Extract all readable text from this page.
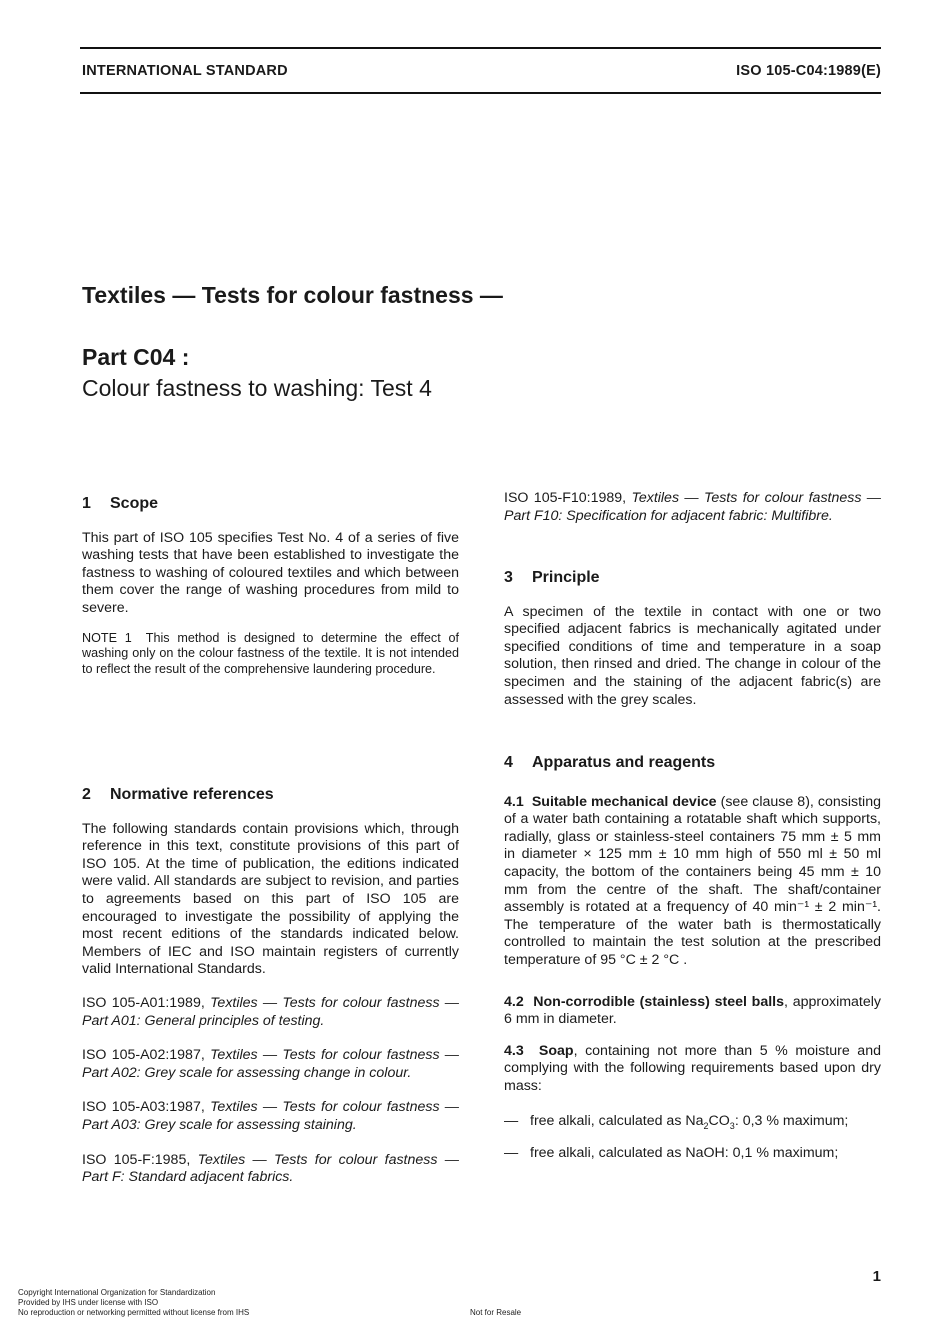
INTERNATIONAL STANDARD	ISO 105-C04:1989(E)
Textiles — Tests for colour fastness —
Part C04 :
Colour fastness to washing: Test 4
1 Scope

This part of ISO 105 specifies Test No. 4 of a series of five washing tests that have been established to investigate the fastness to washing of coloured textiles and which between them cover the range of washing procedures from mild to severe.

NOTE 1 This method is designed to determine the effect of washing only on the colour fastness of the textile. It is not intended to reflect the result of the comprehensive laundering procedure.
2 Normative references

The following standards contain provisions which, through reference in this text, constitute provisions of this part of ISO 105. At the time of publication, the editions indicated were valid. All standards are subject to revision, and parties to agreements based on this part of ISO 105 are encouraged to investigate the possibility of applying the most recent editions of the standards indicated below. Members of IEC and ISO maintain registers of currently valid International Standards.

ISO 105-A01:1989, Textiles — Tests for colour fastness — Part A01: General principles of testing.

ISO 105-A02:1987, Textiles — Tests for colour fastness — Part A02: Grey scale for assessing change in colour.

ISO 105-A03:1987, Textiles — Tests for colour fastness — Part A03: Grey scale for assessing staining.

ISO 105-F:1985, Textiles — Tests for colour fastness — Part F: Standard adjacent fabrics.

ISO 105-F10:1989, Textiles — Tests for colour fastness — Part F10: Specification for adjacent fabric: Multifibre.

3 Principle

A specimen of the textile in contact with one or two specified adjacent fabrics is mechanically agitated under specified conditions of time and temperature in a soap solution, then rinsed and dried. The change in colour of the specimen and the staining of the adjacent fabric(s) are assessed with the grey scales.

4 Apparatus and reagents

4.1 Suitable mechanical device (see clause 8), consisting of a water bath containing a rotatable shaft which supports, radially, glass or stainless-steel containers 75 mm ± 5 mm in diameter × 125 mm ± 10 mm high of 550 ml ± 50 ml capacity, the bottom of the containers being 45 mm ± 10 mm from the centre of the shaft. The shaft/container assembly is rotated at a frequency of 40 min⁻¹ ± 2 min⁻¹. The temperature of the water bath is thermostatically controlled to maintain the test solution at the prescribed temperature of 95 °C ± 2 °C .

4.2 Non-corrodible (stainless) steel balls, approximately 6 mm in diameter.

4.3 Soap, containing not more than 5 % moisture and complying with the following requirements based upon dry mass:

— free alkali, calculated as $Na_2CO_3$: 0,3 % maximum;

— free alkali, calculated as NaOH: 0,1 % maximum;

1
Copyright International Organization for Standardization
Provided by IHS under license with ISO
No reproduction or networking permitted without license from IHS	Not for Resale
